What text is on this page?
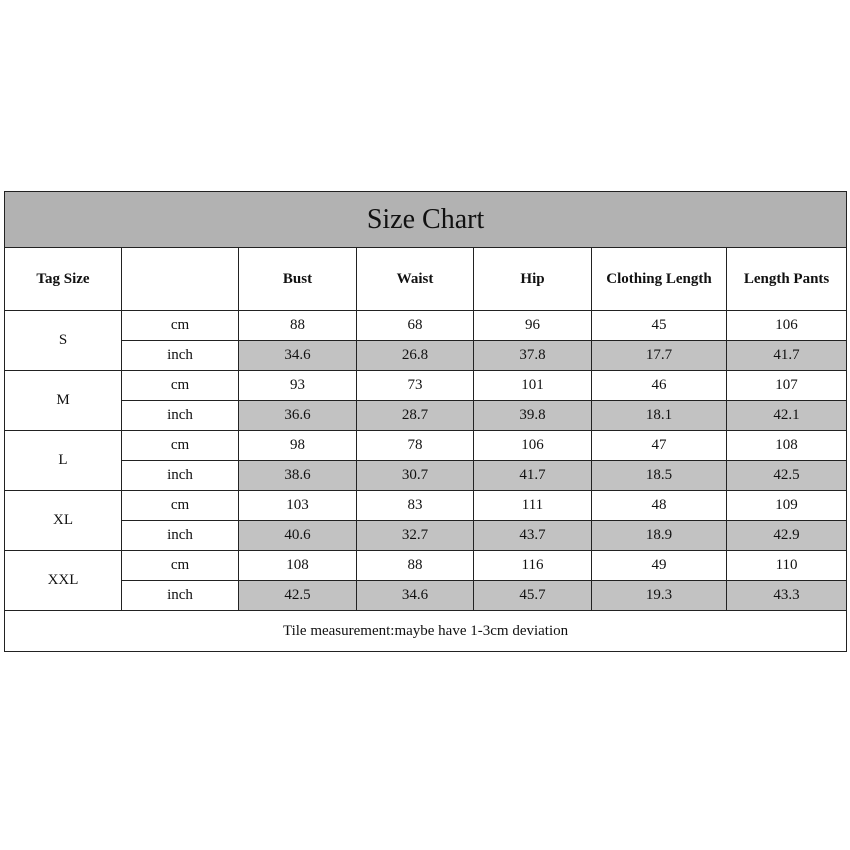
Size Chart						
Tag Size		Bust	Waist	Hip	Clothing Length	Length Pants
S	cm	88	68	96	45	106
	inch	34.6	26.8	37.8	17.7	41.7
M	cm	93	73	101	46	107
	inch	36.6	28.7	39.8	18.1	42.1
L	cm	98	78	106	47	108
	inch	38.6	30.7	41.7	18.5	42.5
XL	cm	103	83	111	48	109
	inch	40.6	32.7	43.7	18.9	42.9
XXL	cm	108	88	116	49	110
	inch	42.5	34.6	45.7	19.3	43.3
Tile measurement:maybe have 1-3cm deviation						
